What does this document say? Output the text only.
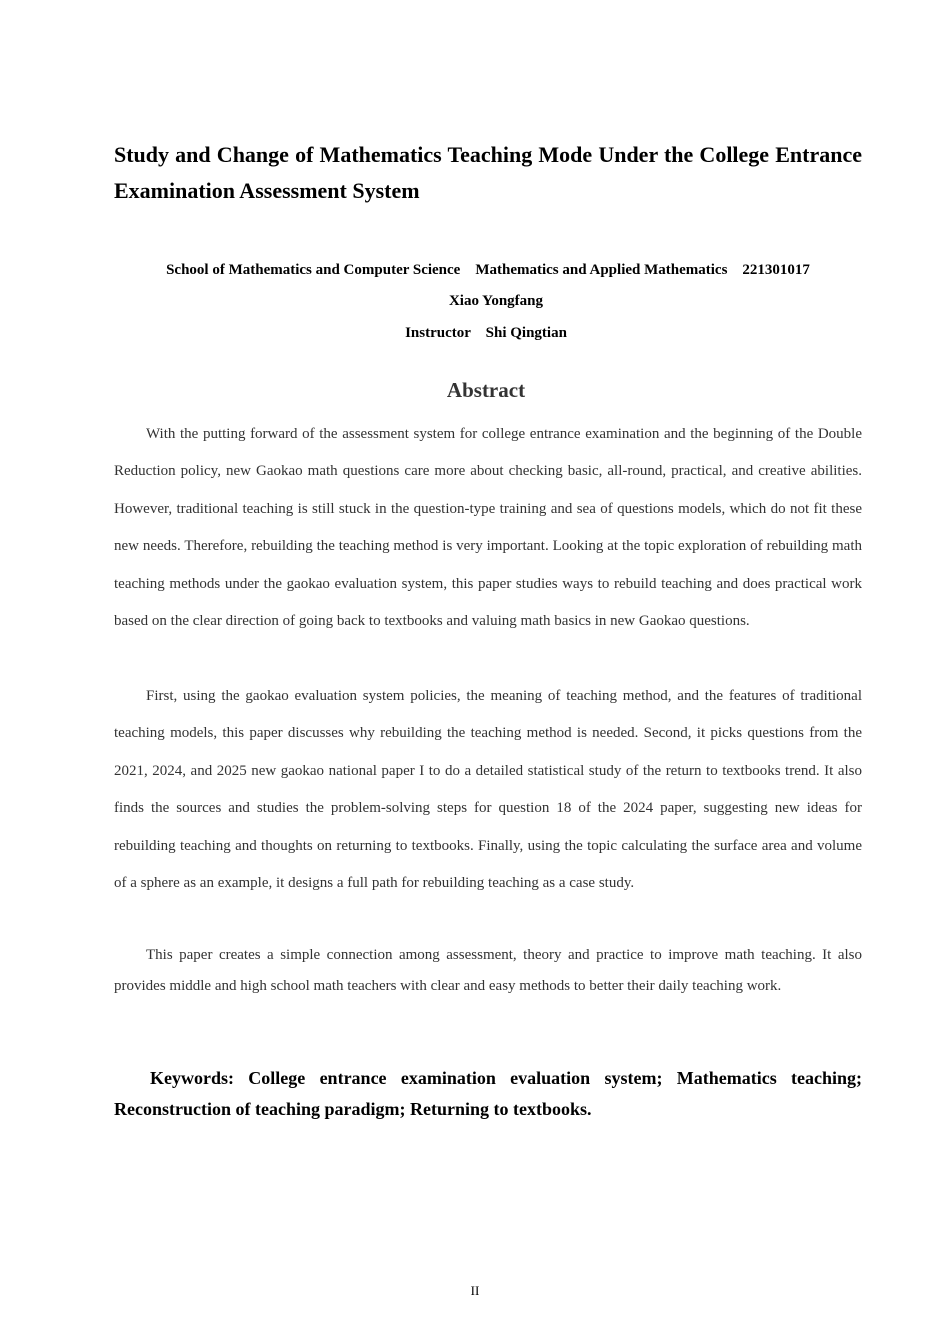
Study and Change of Mathematics Teaching Mode Under the College Entrance Examination Assessment System
School of Mathematics and Computer Science    Mathematics and Applied Mathematics    221301017
Xiao Yongfang
Instructor    Shi Qingtian
Abstract

With the putting forward of the assessment system for college entrance examination and the beginning of the Double Reduction policy, new Gaokao math questions care more about checking basic, all-round, practical, and creative abilities. However, traditional teaching is still stuck in the question-type training and sea of questions models, which do not fit these new needs. Therefore, rebuilding the teaching method is very important. Looking at the topic exploration of rebuilding math teaching methods under the gaokao evaluation system, this paper studies ways to rebuild teaching and does practical work based on the clear direction of going back to textbooks and valuing math basics in new Gaokao questions.

First, using the gaokao evaluation system policies, the meaning of teaching method, and the features of traditional teaching models, this paper discusses why rebuilding the teaching method is needed. Second, it picks questions from the 2021, 2024, and 2025 new gaokao national paper I to do a detailed statistical study of the return to textbooks trend. It also finds the sources and studies the problem-solving steps for question 18 of the 2024 paper, suggesting new ideas for rebuilding teaching and thoughts on returning to textbooks. Finally, using the topic calculating the surface area and volume of a sphere as an example, it designs a full path for rebuilding teaching as a case study.

This paper creates a simple connection among assessment, theory and practice to improve math teaching. It also provides middle and high school math teachers with clear and easy methods to better their daily teaching work.

Keywords: College entrance examination evaluation system; Mathematics teaching; Reconstruction of teaching paradigm; Returning to textbooks.

II
